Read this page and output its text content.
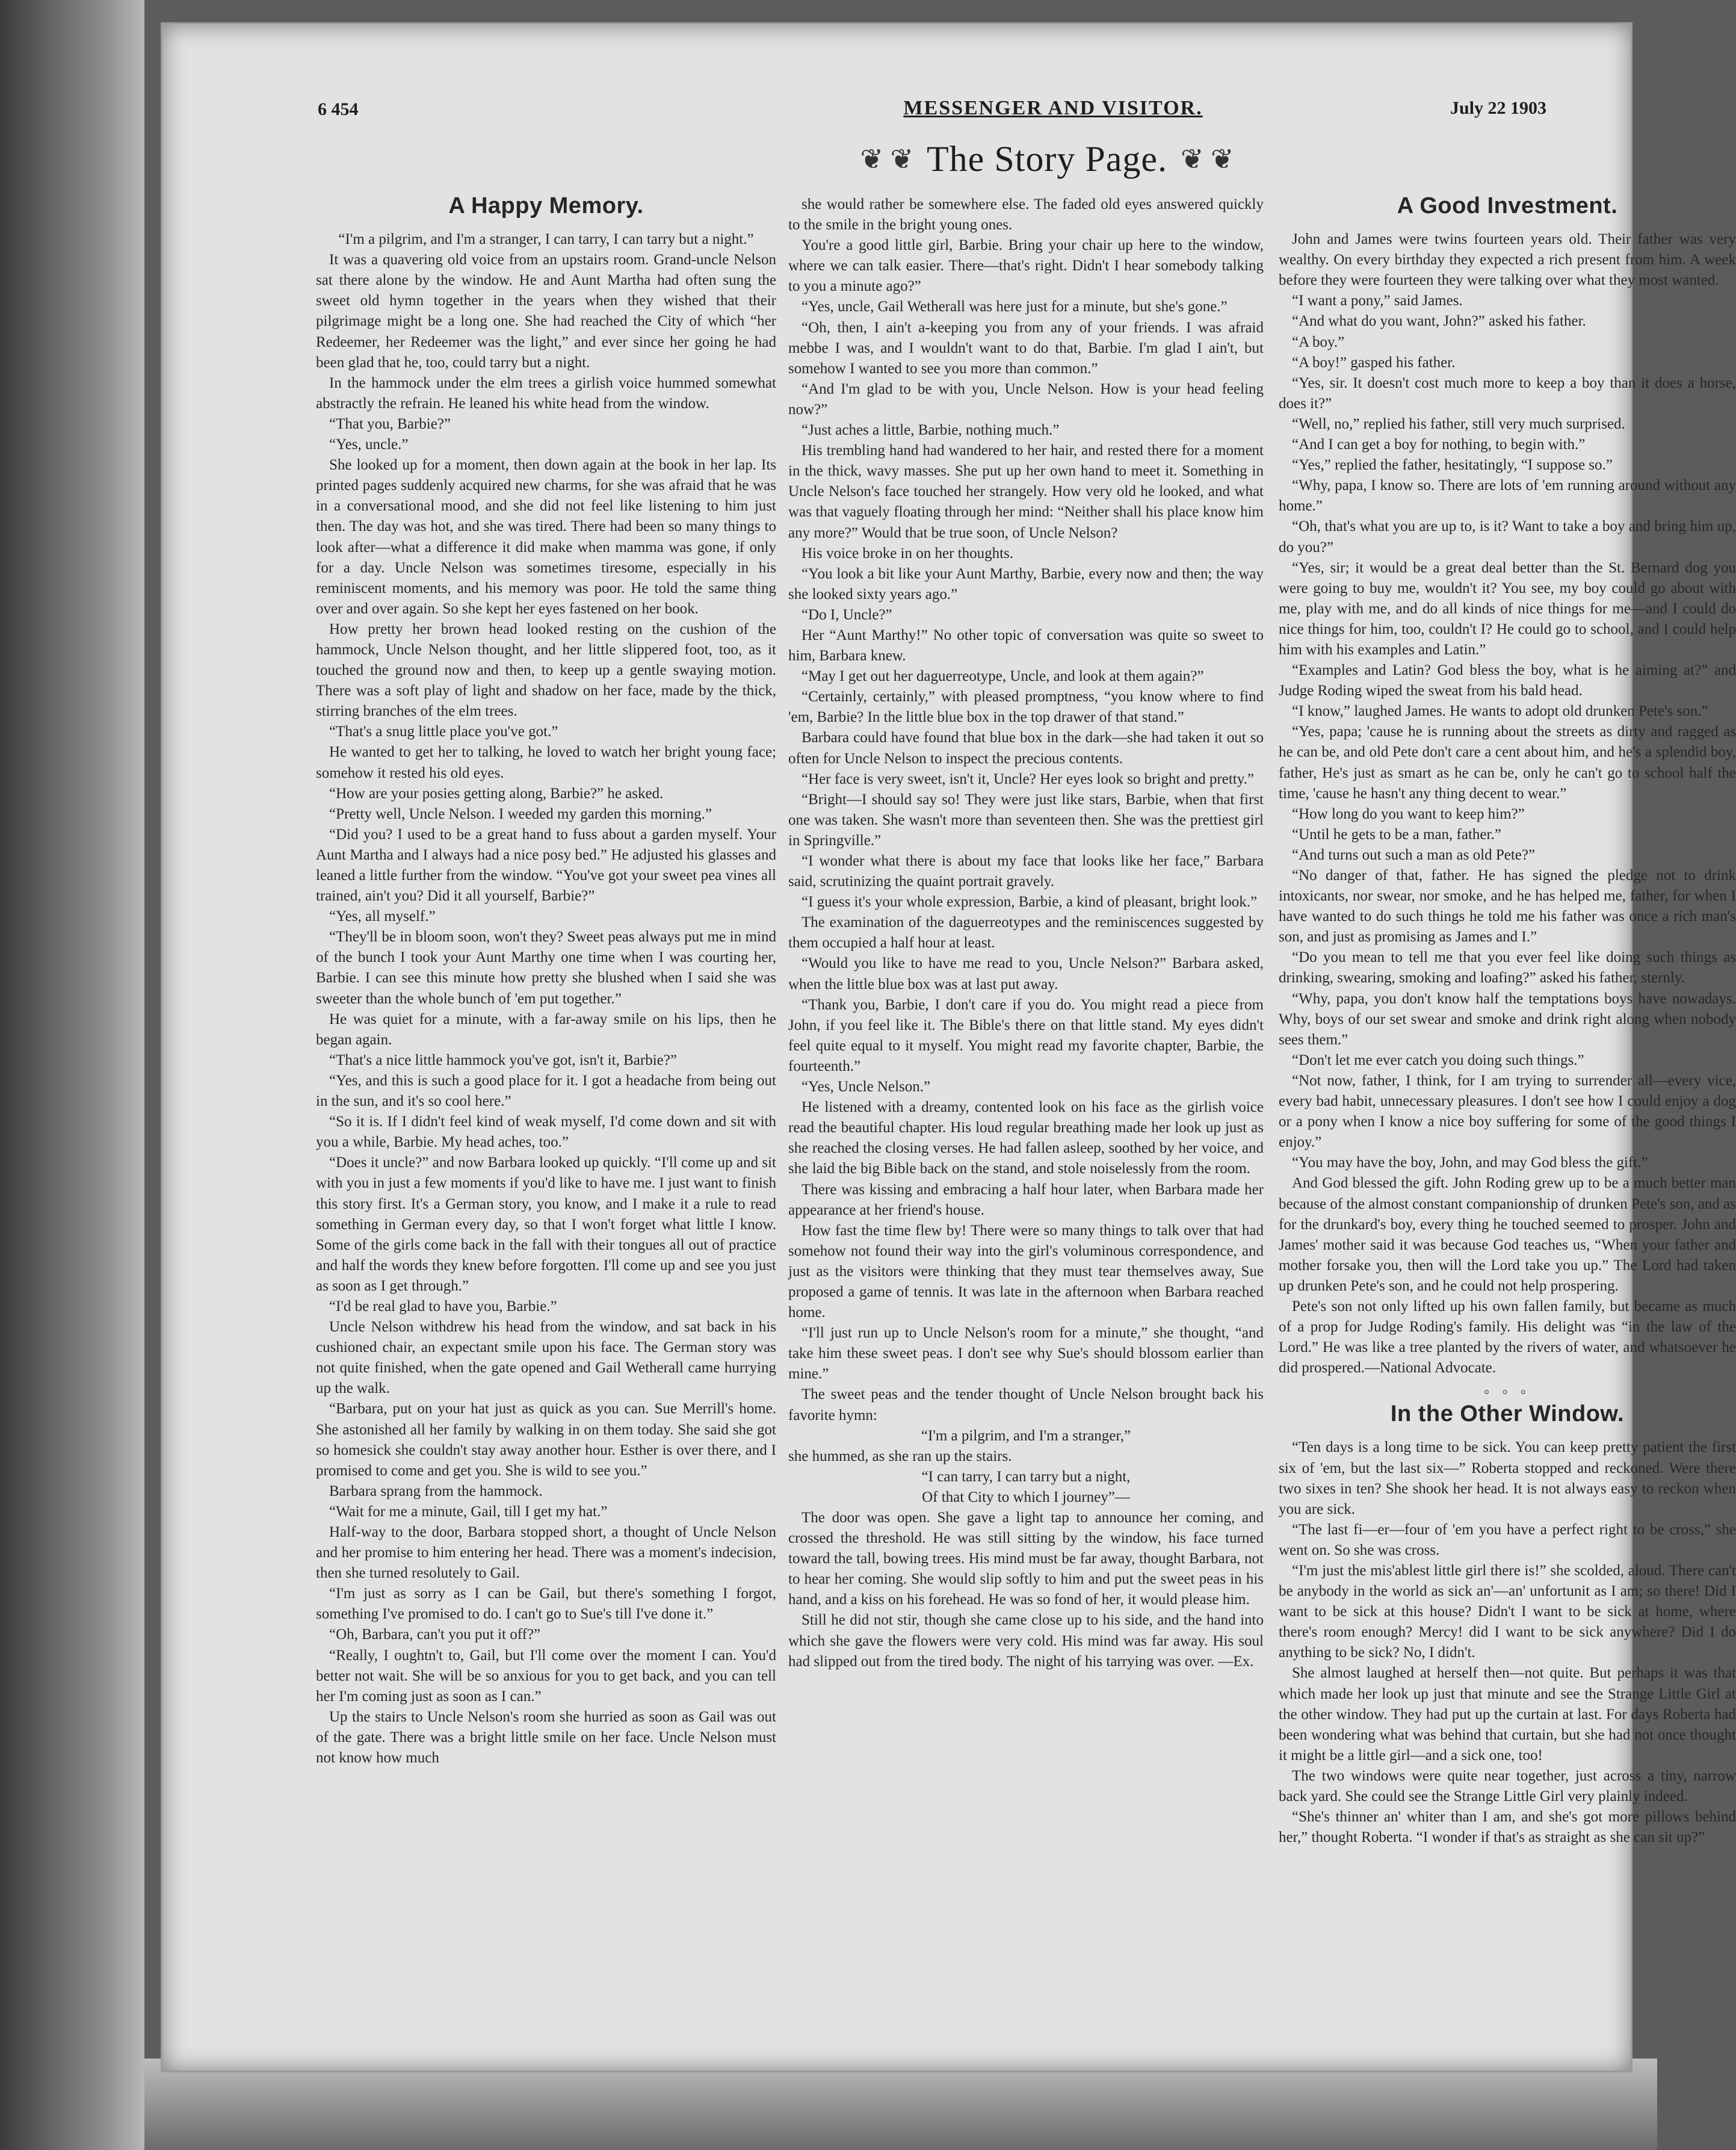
6 454	MESSENGER AND VISITOR.	July 22 1903
❦ ❦ The Story Page. ❦ ❦
A Happy Memory.

“I'm a pilgrim, and I'm a stranger, I can tarry, I can tarry but a night.”

It was a quavering old voice from an upstairs room. Grand-uncle Nelson sat there alone by the window. He and Aunt Martha had often sung the sweet old hymn together in the years when they wished that their pilgrimage might be a long one. She had reached the City of which “her Redeemer, her Redeemer was the light,” and ever since her going he had been glad that he, too, could tarry but a night.

In the hammock under the elm trees a girlish voice hummed somewhat abstractly the refrain. He leaned his white head from the window.

“That you, Barbie?”

“Yes, uncle.”

She looked up for a moment, then down again at the book in her lap. Its printed pages suddenly acquired new charms, for she was afraid that he was in a conversational mood, and she did not feel like listening to him just then. The day was hot, and she was tired. There had been so many things to look after—what a difference it did make when mamma was gone, if only for a day. Uncle Nelson was sometimes tiresome, especially in his reminiscent moments, and his memory was poor. He told the same thing over and over again. So she kept her eyes fastened on her book.

How pretty her brown head looked resting on the cushion of the hammock, Uncle Nelson thought, and her little slippered foot, too, as it touched the ground now and then, to keep up a gentle swaying motion. There was a soft play of light and shadow on her face, made by the thick, stirring branches of the elm trees.

“That's a snug little place you've got.”

He wanted to get her to talking, he loved to watch her bright young face; somehow it rested his old eyes.

“How are your posies getting along, Barbie?” he asked.

“Pretty well, Uncle Nelson. I weeded my garden this morning.”

“Did you? I used to be a great hand to fuss about a garden myself. Your Aunt Martha and I always had a nice posy bed.” He adjusted his glasses and leaned a little further from the window. “You've got your sweet pea vines all trained, ain't you? Did it all yourself, Barbie?”

“Yes, all myself.”

“They'll be in bloom soon, won't they? Sweet peas always put me in mind of the bunch I took your Aunt Marthy one time when I was courting her, Barbie. I can see this minute how pretty she blushed when I said she was sweeter than the whole bunch of 'em put together.”

He was quiet for a minute, with a far-away smile on his lips, then he began again.

“That's a nice little hammock you've got, isn't it, Barbie?”

“Yes, and this is such a good place for it. I got a headache from being out in the sun, and it's so cool here.”

“So it is. If I didn't feel kind of weak myself, I'd come down and sit with you a while, Barbie. My head aches, too.”

“Does it uncle?” and now Barbara looked up quickly. “I'll come up and sit with you in just a few moments if you'd like to have me. I just want to finish this story first. It's a German story, you know, and I make it a rule to read something in German every day, so that I won't forget what little I know. Some of the girls come back in the fall with their tongues all out of practice and half the words they knew before forgotten. I'll come up and see you just as soon as I get through.”

“I'd be real glad to have you, Barbie.”

Uncle Nelson withdrew his head from the window, and sat back in his cushioned chair, an expectant smile upon his face. The German story was not quite finished, when the gate opened and Gail Wetherall came hurrying up the walk.

“Barbara, put on your hat just as quick as you can. Sue Merrill's home. She astonished all her family by walking in on them today. She said she got so homesick she couldn't stay away another hour. Esther is over there, and I promised to come and get you. She is wild to see you.”

Barbara sprang from the hammock.

“Wait for me a minute, Gail, till I get my hat.”

Half-way to the door, Barbara stopped short, a thought of Uncle Nelson and her promise to him entering her head. There was a moment's indecision, then she turned resolutely to Gail.

“I'm just as sorry as I can be Gail, but there's something I forgot, something I've promised to do. I can't go to Sue's till I've done it.”

“Oh, Barbara, can't you put it off?”

“Really, I oughtn't to, Gail, but I'll come over the moment I can. You'd better not wait. She will be so anxious for you to get back, and you can tell her I'm coming just as soon as I can.”

Up the stairs to Uncle Nelson's room she hurried as soon as Gail was out of the gate. There was a bright little smile on her face. Uncle Nelson must not know how much

she would rather be somewhere else. The faded old eyes answered quickly to the smile in the bright young ones.

You're a good little girl, Barbie. Bring your chair up here to the window, where we can talk easier. There—that's right. Didn't I hear somebody talking to you a minute ago?”

“Yes, uncle, Gail Wetherall was here just for a minute, but she's gone.”

“Oh, then, I ain't a-keeping you from any of your friends. I was afraid mebbe I was, and I wouldn't want to do that, Barbie. I'm glad I ain't, but somehow I wanted to see you more than common.”

“And I'm glad to be with you, Uncle Nelson. How is your head feeling now?”

“Just aches a little, Barbie, nothing much.”

His trembling hand had wandered to her hair, and rested there for a moment in the thick, wavy masses. She put up her own hand to meet it. Something in Uncle Nelson's face touched her strangely. How very old he looked, and what was that vaguely floating through her mind: “Neither shall his place know him any more?” Would that be true soon, of Uncle Nelson?

His voice broke in on her thoughts.

“You look a bit like your Aunt Marthy, Barbie, every now and then; the way she looked sixty years ago.”

“Do I, Uncle?”

Her “Aunt Marthy!” No other topic of conversation was quite so sweet to him, Barbara knew.

“May I get out her daguerreotype, Uncle, and look at them again?”

“Certainly, certainly,” with pleased promptness, “you know where to find 'em, Barbie? In the little blue box in the top drawer of that stand.”

Barbara could have found that blue box in the dark—she had taken it out so often for Uncle Nelson to inspect the precious contents.

“Her face is very sweet, isn't it, Uncle? Her eyes look so bright and pretty.”

“Bright—I should say so! They were just like stars, Barbie, when that first one was taken. She wasn't more than seventeen then. She was the prettiest girl in Springville.”

“I wonder what there is about my face that looks like her face,” Barbara said, scrutinizing the quaint portrait gravely.

“I guess it's your whole expression, Barbie, a kind of pleasant, bright look.”

The examination of the daguerreotypes and the reminiscences suggested by them occupied a half hour at least.

“Would you like to have me read to you, Uncle Nelson?” Barbara asked, when the little blue box was at last put away.

“Thank you, Barbie, I don't care if you do. You might read a piece from John, if you feel like it. The Bible's there on that little stand. My eyes didn't feel quite equal to it myself. You might read my favorite chapter, Barbie, the fourteenth.”

“Yes, Uncle Nelson.”

He listened with a dreamy, contented look on his face as the girlish voice read the beautiful chapter. His loud regular breathing made her look up just as she reached the closing verses. He had fallen asleep, soothed by her voice, and she laid the big Bible back on the stand, and stole noiselessly from the room.

There was kissing and embracing a half hour later, when Barbara made her appearance at her friend's house.

How fast the time flew by! There were so many things to talk over that had somehow not found their way into the girl's voluminous correspondence, and just as the visitors were thinking that they must tear themselves away, Sue proposed a game of tennis. It was late in the afternoon when Barbara reached home.

“I'll just run up to Uncle Nelson's room for a minute,” she thought, “and take him these sweet peas. I don't see why Sue's should blossom earlier than mine.”

The sweet peas and the tender thought of Uncle Nelson brought back his favorite hymn:

“I'm a pilgrim, and I'm a stranger,”

she hummed, as she ran up the stairs.

“I can tarry, I can tarry but a night,

Of that City to which I journey”—

The door was open. She gave a light tap to announce her coming, and crossed the threshold. He was still sitting by the window, his face turned toward the tall, bowing trees. His mind must be far away, thought Barbara, not to hear her coming. She would slip softly to him and put the sweet peas in his hand, and a kiss on his forehead. He was so fond of her, it would please him.

Still he did not stir, though she came close up to his side, and the hand into which she gave the flowers were very cold. His mind was far away. His soul had slipped out from the tired body. The night of his tarrying was over. —Ex.

A Good Investment.

John and James were twins fourteen years old. Their father was very wealthy. On every birthday they expected a rich present from him. A week before they were fourteen they were talking over what they most wanted.

“I want a pony,” said James.

“And what do you want, John?” asked his father.

“A boy.”

“A boy!” gasped his father.

“Yes, sir. It doesn't cost much more to keep a boy than it does a horse, does it?”

“Well, no,” replied his father, still very much surprised.

“And I can get a boy for nothing, to begin with.”

“Yes,” replied the father, hesitatingly, “I suppose so.”

“Why, papa, I know so. There are lots of 'em running around without any home.”

“Oh, that's what you are up to, is it? Want to take a boy and bring him up, do you?”

“Yes, sir; it would be a great deal better than the St. Bernard dog you were going to buy me, wouldn't it? You see, my boy could go about with me, play with me, and do all kinds of nice things for me—and I could do nice things for him, too, couldn't I? He could go to school, and I could help him with his examples and Latin.”

“Examples and Latin? God bless the boy, what is he aiming at?” and Judge Roding wiped the sweat from his bald head.

“I know,” laughed James. He wants to adopt old drunken Pete's son.”

“Yes, papa; 'cause he is running about the streets as dirty and ragged as he can be, and old Pete don't care a cent about him, and he's a splendid boy, father, He's just as smart as he can be, only he can't go to school half the time, 'cause he hasn't any thing decent to wear.”

“How long do you want to keep him?”

“Until he gets to be a man, father.”

“And turns out such a man as old Pete?”

“No danger of that, father. He has signed the pledge not to drink intoxicants, nor swear, nor smoke, and he has helped me, father, for when I have wanted to do such things he told me his father was once a rich man's son, and just as promising as James and I.”

“Do you mean to tell me that you ever feel like doing such things as drinking, swearing, smoking and loafing?” asked his father, sternly.

“Why, papa, you don't know half the temptations boys have nowadays. Why, boys of our set swear and smoke and drink right along when nobody sees them.”

“Don't let me ever catch you doing such things.”

“Not now, father, I think, for I am trying to surrender all—every vice, every bad habit, unnecessary pleasures. I don't see how I could enjoy a dog or a pony when I know a nice boy suffering for some of the good things I enjoy.”

“You may have the boy, John, and may God bless the gift.”

And God blessed the gift. John Roding grew up to be a much better man because of the almost constant companionship of drunken Pete's son, and as for the drunkard's boy, every thing he touched seemed to prosper. John and James' mother said it was because God teaches us, “When your father and mother forsake you, then will the Lord take you up.” The Lord had taken up drunken Pete's son, and he could not help prospering.

Pete's son not only lifted up his own fallen family, but became as much of a prop for Judge Roding's family. His delight was “in the law of the Lord.” He was like a tree planted by the rivers of water, and whatsoever he did prospered.—National Advocate.

° ° °
In the Other Window.

“Ten days is a long time to be sick. You can keep pretty patient the first six of 'em, but the last six—” Roberta stopped and reckoned. Were there two sixes in ten? She shook her head. It is not always easy to reckon when you are sick.

“The last fi—er—four of 'em you have a perfect right to be cross,” she went on. So she was cross.

“I'm just the mis'ablest little girl there is!” she scolded, aloud. There can't be anybody in the world as sick an'—an' unfortunit as I am; so there! Did I want to be sick at this house? Didn't I want to be sick at home, where there's room enough? Mercy! did I want to be sick anywhere? Did I do anything to be sick? No, I didn't.

She almost laughed at herself then—not quite. But perhaps it was that which made her look up just that minute and see the Strange Little Girl at the other window. They had put up the curtain at last. For days Roberta had been wondering what was behind that curtain, but she had not once thought it might be a little girl—and a sick one, too!

The two windows were quite near together, just across a tiny, narrow back yard. She could see the Strange Little Girl very plainly indeed.

“She's thinner an' whiter than I am, and she's got more pillows behind her,” thought Roberta. “I wonder if that's as straight as she can sit up?”
